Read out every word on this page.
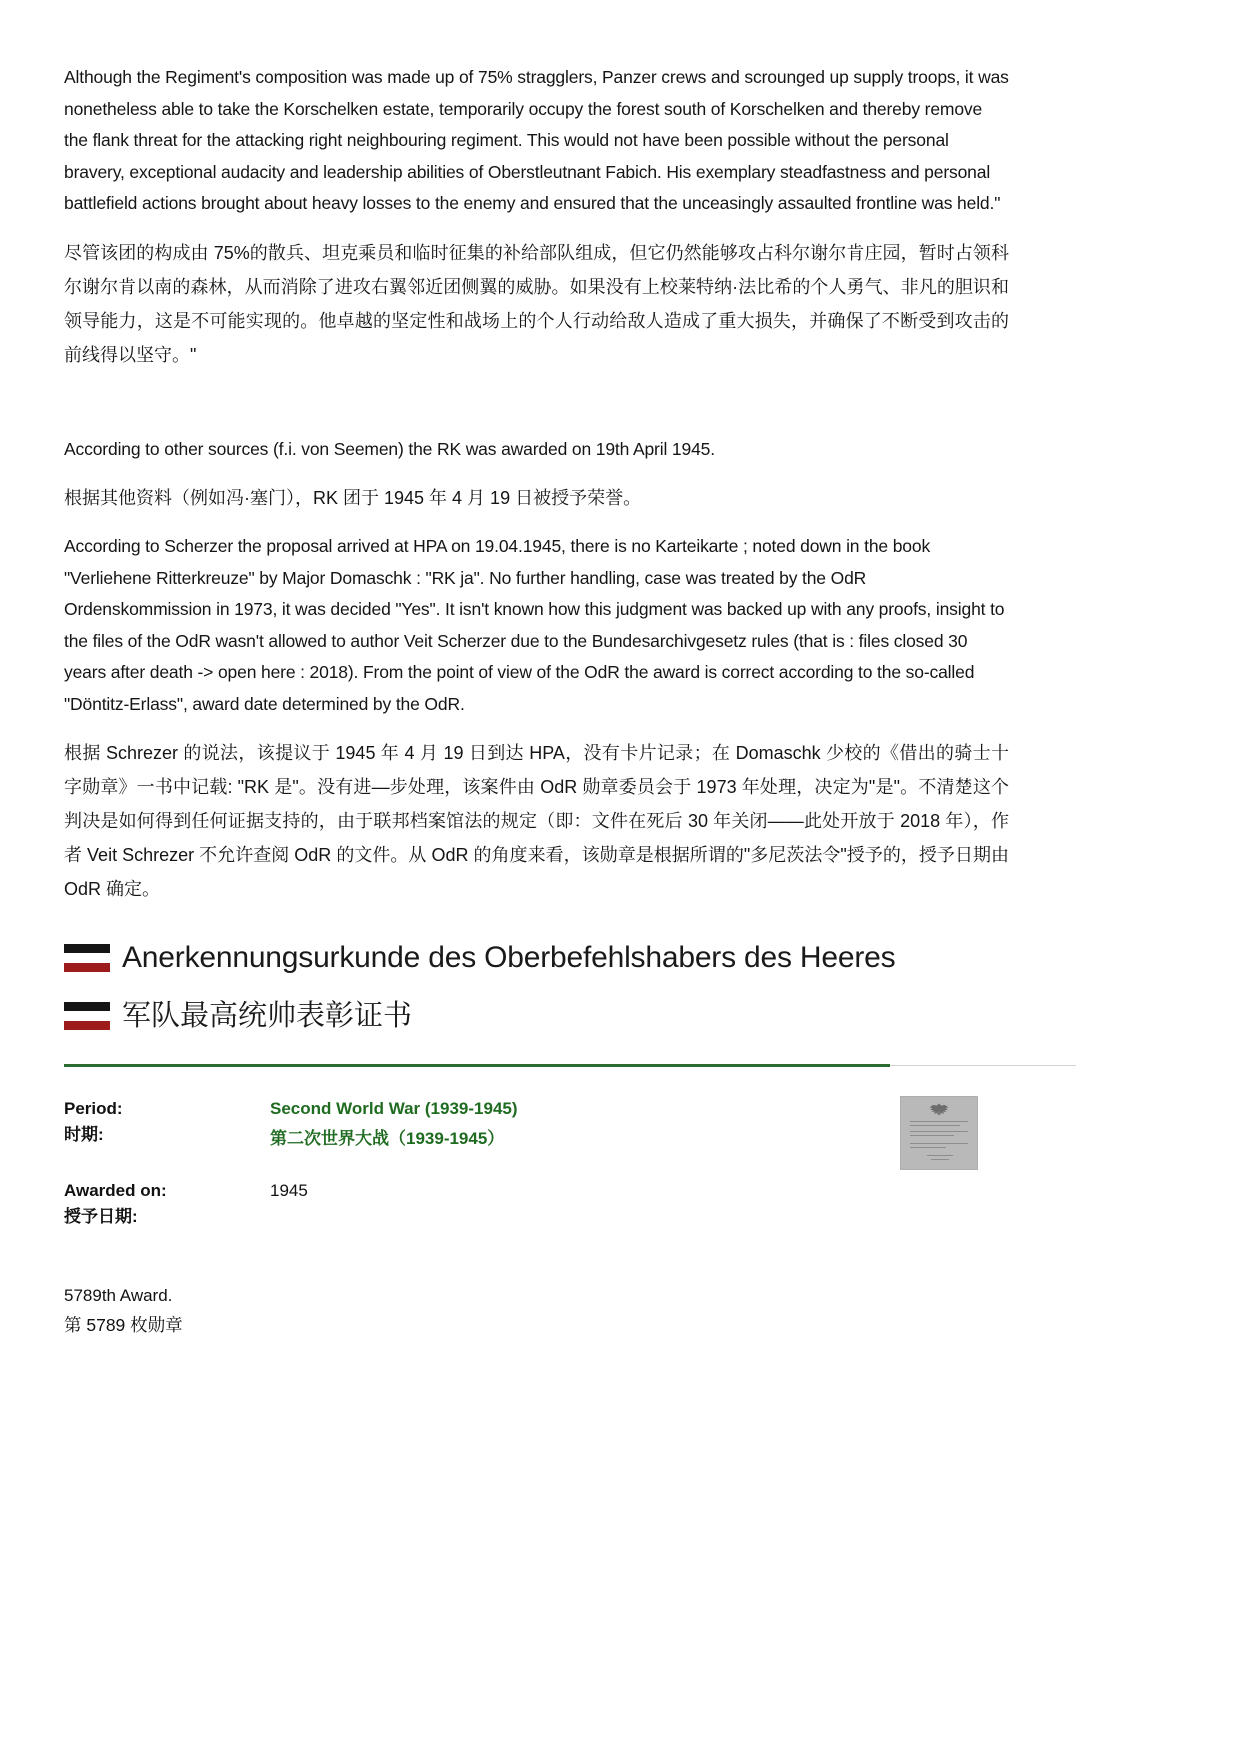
Although the Regiment's composition was made up of 75% stragglers, Panzer crews and scrounged up supply troops, it was nonetheless able to take the Korschelken estate, temporarily occupy the forest south of Korschelken and thereby remove the flank threat for the attacking right neighbouring regiment. This would not have been possible without the personal bravery, exceptional audacity and leadership abilities of Oberstleutnant Fabich. His exemplary steadfastness and personal battlefield actions brought about heavy losses to the enemy and ensured that the unceasingly assaulted frontline was held."

尽管该团的构成由 75%的散兵、坦克乘员和临时征集的补给部队组成，但它仍然能够攻占科尔谢尔肯庄园，暂时占领科尔谢尔肯以南的森林，从而消除了进攻右翼邻近团侧翼的威胁。如果没有上校莱特纳·法比希的个人勇气、非凡的胆识和领导能力，这是不可能实现的。他卓越的坚定性和战场上的个人行动给敌人造成了重大损失，并确保了不断受到攻击的前线得以坚守。"

According to other sources (f.i. von Seemen) the RK was awarded on 19th April 1945.

根据其他资料（例如冯·塞门），RK 团于 1945 年 4 月 19 日被授予荣誉。

According to Scherzer the proposal arrived at HPA on 19.04.1945, there is no Karteikarte ; noted down in the book "Verliehene Ritterkreuze" by Major Domaschk : "RK ja". No further handling, case was treated by the OdR Ordenskommission in 1973, it was decided "Yes". It isn't known how this judgment was backed up with any proofs, insight to the files of the OdR wasn't allowed to author Veit Scherzer due to the Bundesarchivgesetz rules (that is : files closed 30 years after death -> open here : 2018). From the point of view of the OdR the award is correct according to the so-called "Döntitz-Erlass", award date determined by the OdR.

根据 Schrezer 的说法，该提议于 1945 年 4 月 19 日到达 HPA，没有卡片记录；在 Domaschk 少校的《借出的骑士十字勋章》一书中记载: "RK 是"。没有进—步处理，该案件由 OdR 勋章委员会于 1973 年处理，决定为"是"。不清楚这个判决是如何得到任何证据支持的，由于联邦档案馆法的规定（即：文件在死后 30 年关闭——此处开放于 2018 年），作者 Veit Schrezer 不允许查阅 OdR 的文件。从 OdR 的角度来看，该勋章是根据所谓的"多尼茨法令"授予的，授予日期由 OdR 确定。

Anerkennungsurkunde des Oberbefehlshabers des Heeres
军队最高统帅表彰证书
Period:
时期:

Second World War (1939-1945)
第二次世界大战（1939-1945）

Awarded on:
授予日期:	1945	
5789th Award.
第 5789 枚勋章
